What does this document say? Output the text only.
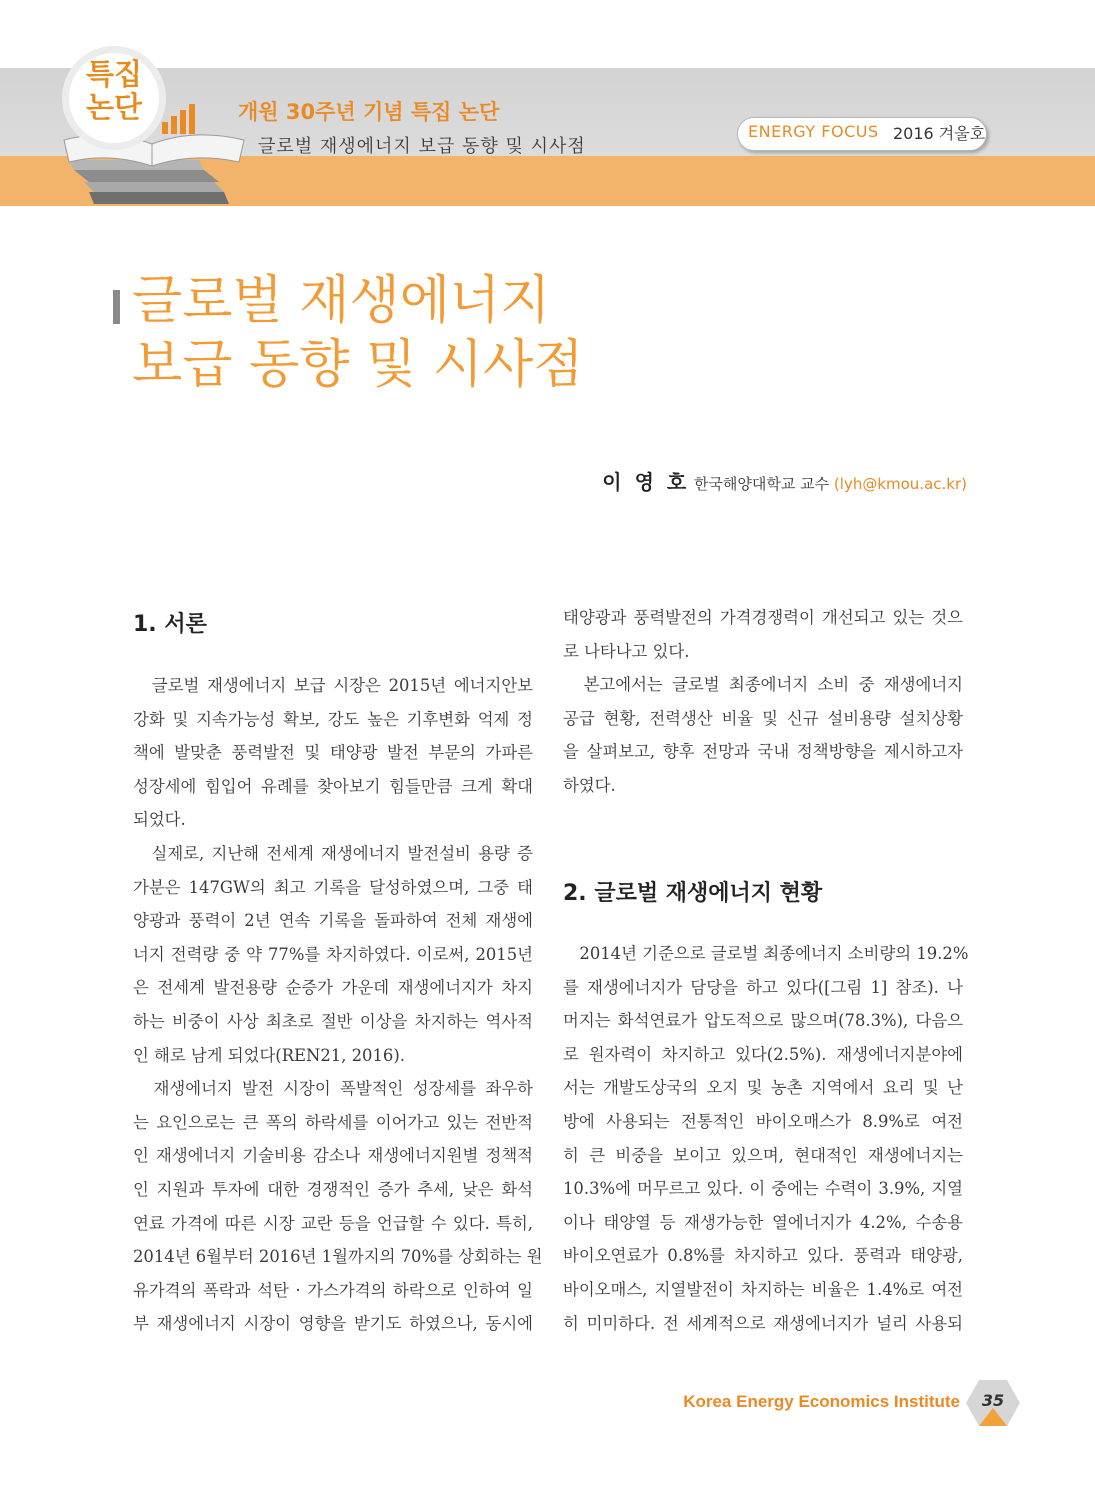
특집
논단	개원 30주년 기념 특집 논단
글로벌 재생에너지 보급 동향 및 시사점
ENERGY FOCUS 2016 겨울호
글로벌 재생에너지
보급 동향 및 시사점
이 영 호 한국해양대학교 교수 (lyh@kmou.ac.kr)
1. 서론
　글로벌 재생에너지 보급 시장은 2015년 에너지안보
강화 및 지속가능성 확보, 강도 높은 기후변화 억제 정
책에 발맞춘 풍력발전 및 태양광 발전 부문의 가파른
성장세에 힘입어 유례를 찾아보기 힘들만큼 크게 확대
되었다.
　실제로, 지난해 전세계 재생에너지 발전설비 용량 증
가분은 147GW의 최고 기록을 달성하였으며, 그중 태
양광과 풍력이 2년 연속 기록을 돌파하여 전체 재생에
너지 전력량 중 약 77%를 차지하였다. 이로써, 2015년
은 전세계 발전용량 순증가 가운데 재생에너지가 차지
하는 비중이 사상 최초로 절반 이상을 차지하는 역사적
인 해로 남게 되었다(REN21, 2016).
　재생에너지 발전 시장이 폭발적인 성장세를 좌우하
는 요인으로는 큰 폭의 하락세를 이어가고 있는 전반적
인 재생에너지 기술비용 감소나 재생에너지원별 정책적
인 지원과 투자에 대한 경쟁적인 증가 추세, 낮은 화석
연료 가격에 따른 시장 교란 등을 언급할 수 있다. 특히,
2014년 6월부터 2016년 1월까지의 70%를 상회하는 원
유가격의 폭락과 석탄 · 가스가격의 하락으로 인하여 일
부 재생에너지 시장이 영향을 받기도 하였으나, 동시에
태양광과 풍력발전의 가격경쟁력이 개선되고 있는 것으
로 나타나고 있다.
　본고에서는 글로벌 최종에너지 소비 중 재생에너지
공급 현황, 전력생산 비율 및 신규 설비용량 설치상황
을 살펴보고, 향후 전망과 국내 정책방향을 제시하고자
하였다.
2. 글로벌 재생에너지 현황
　2014년 기준으로 글로벌 최종에너지 소비량의 19.2%
를 재생에너지가 담당을 하고 있다([그림 1] 참조). 나
머지는 화석연료가 압도적으로 많으며(78.3%), 다음으
로 원자력이 차지하고 있다(2.5%). 재생에너지분야에
서는 개발도상국의 오지 및 농촌 지역에서 요리 및 난
방에 사용되는 전통적인 바이오매스가 8.9%로 여전
히 큰 비중을 보이고 있으며, 현대적인 재생에너지는
10.3%에 머무르고 있다. 이 중에는 수력이 3.9%, 지열
이나 태양열 등 재생가능한 열에너지가 4.2%, 수송용
바이오연료가 0.8%를 차지하고 있다. 풍력과 태양광,
바이오매스, 지열발전이 차지하는 비율은 1.4%로 여전
히 미미하다. 전 세계적으로 재생에너지가 널리 사용되
Korea Energy Economics Institute	35
